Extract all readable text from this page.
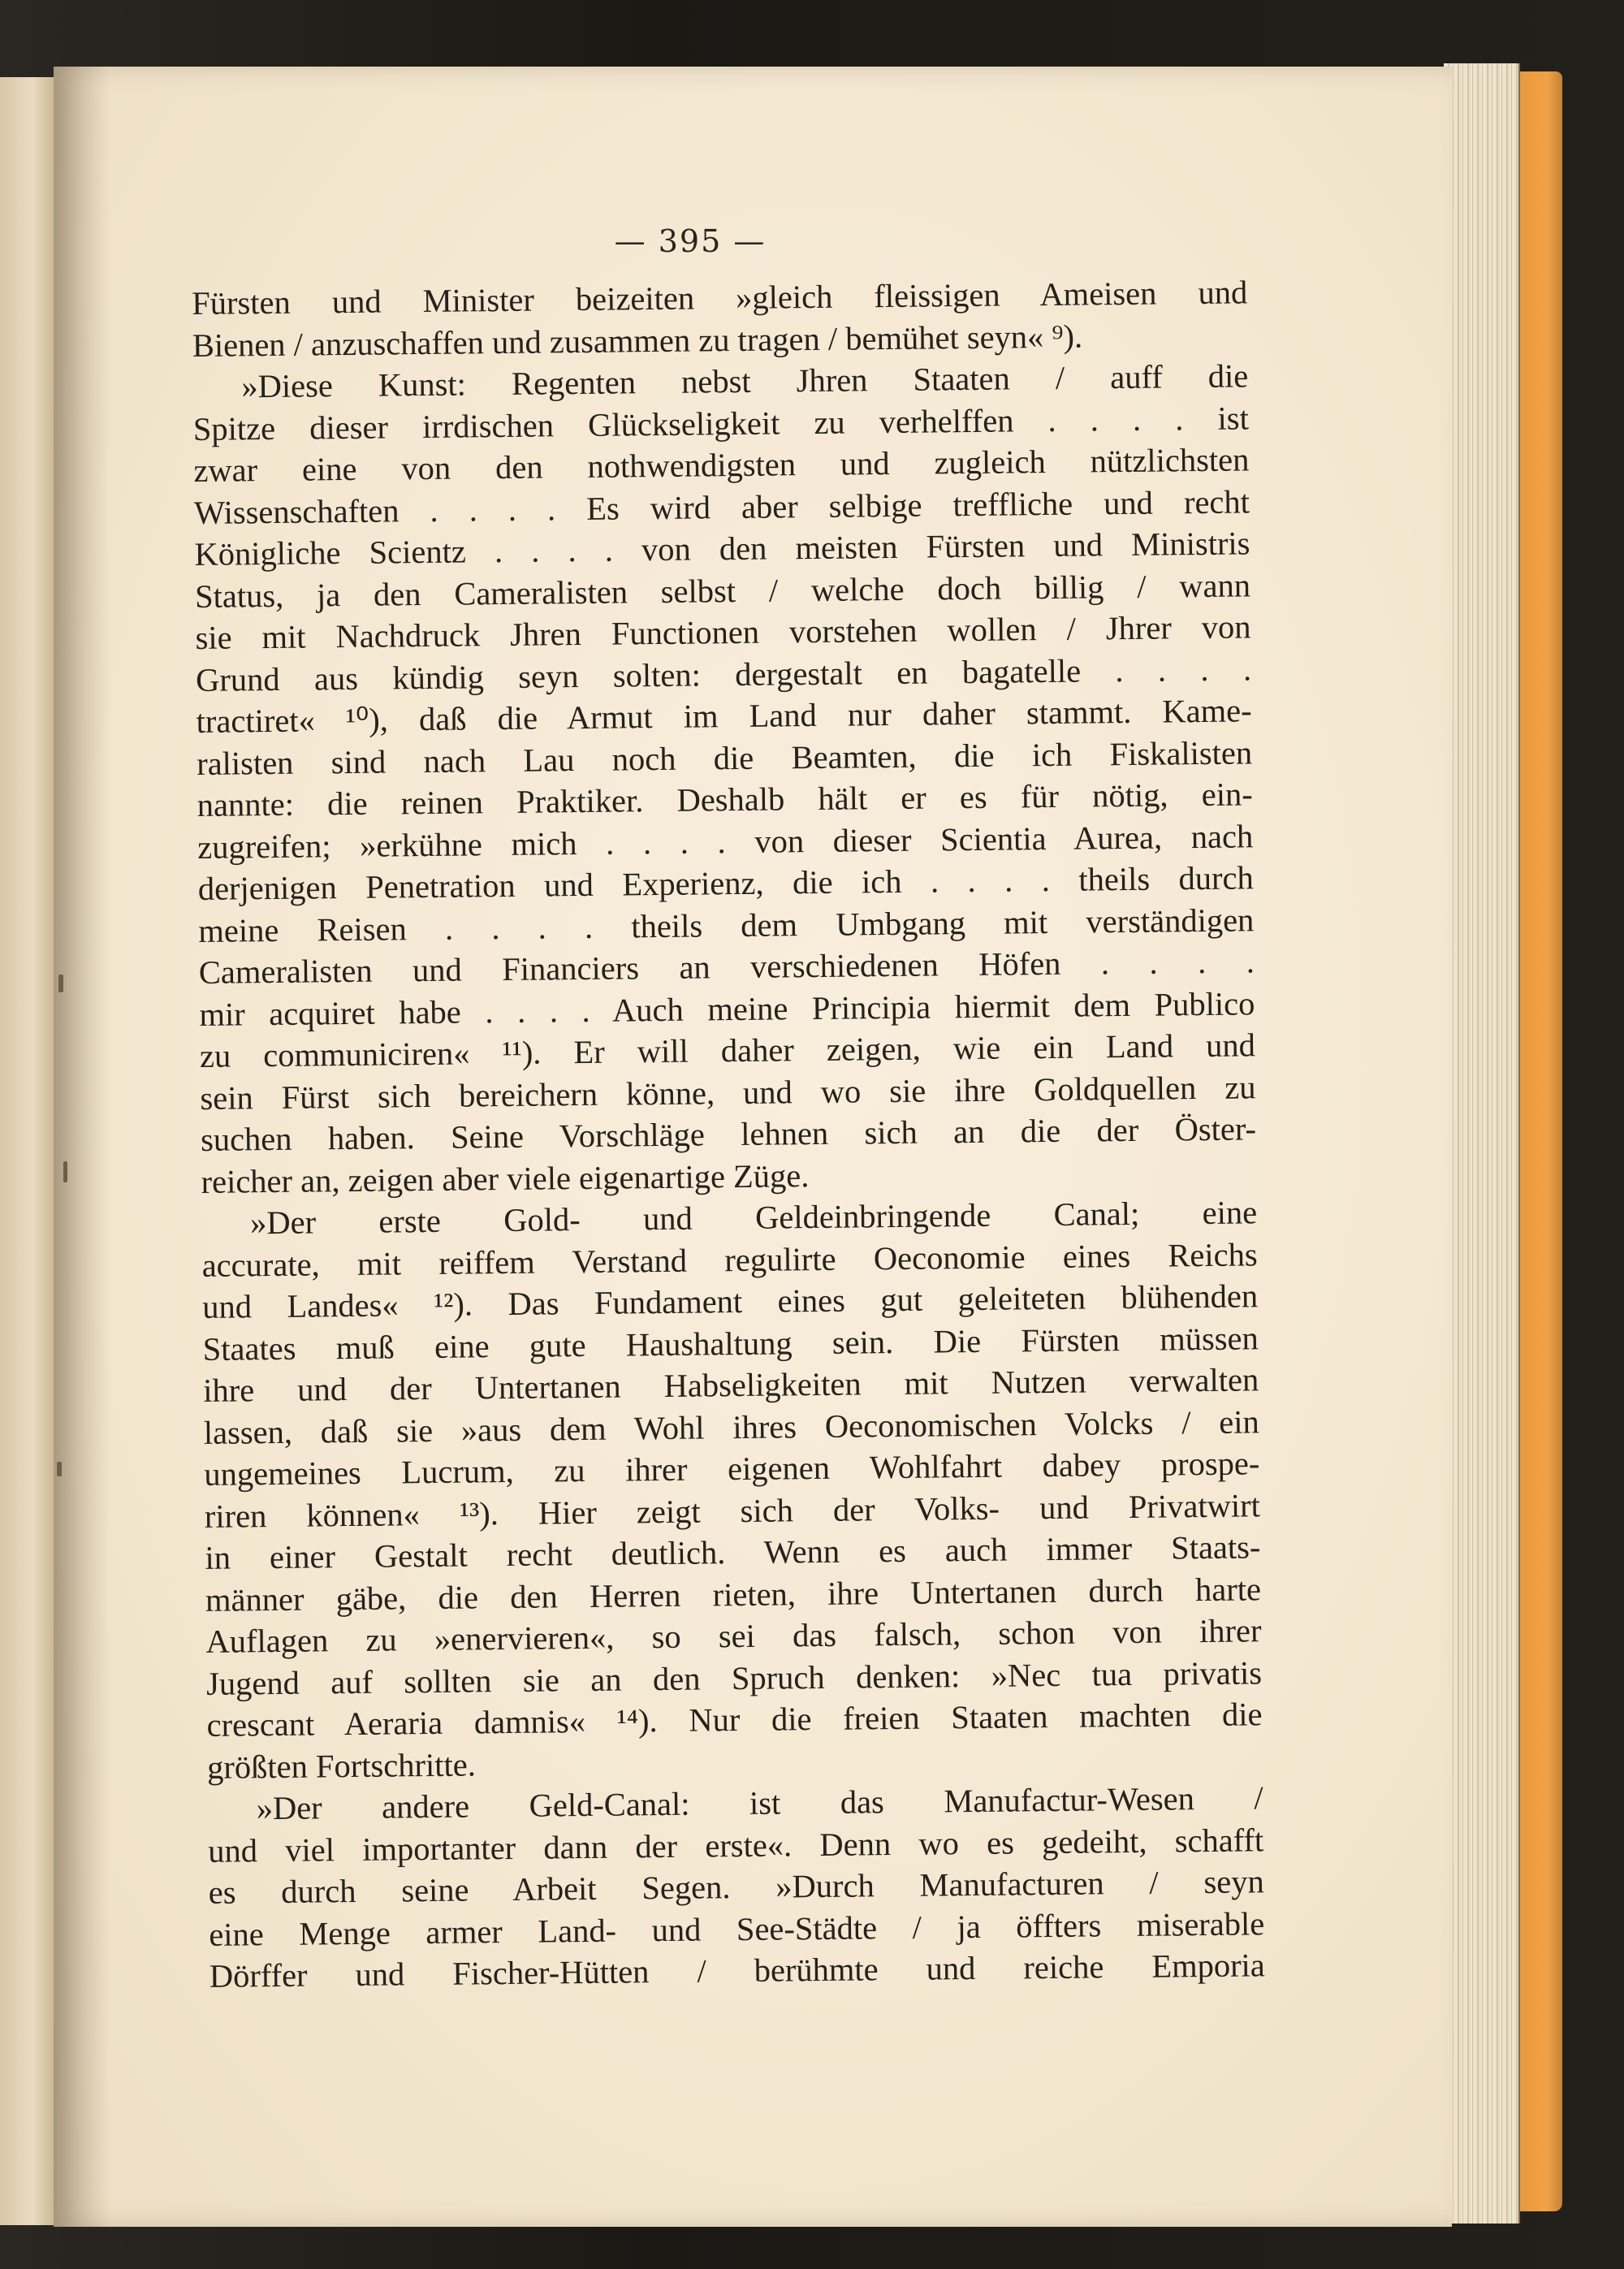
— 395 —
Fürsten und Minister beizeiten »gleich fleissigen Ameisen und
Bienen / anzuschaffen und zusammen zu tragen / bemühet seyn« ⁹).
»Diese Kunst: Regenten nebst Jhren Staaten / auff die
Spitze dieser irrdischen Glückseligkeit zu verhelffen . . . . ist
zwar eine von den nothwendigsten und zugleich nützlichsten
Wissenschaften . . . . Es wird aber selbige treffliche und recht
Königliche Scientz . . . . von den meisten Fürsten und Ministris
Status, ja den Cameralisten selbst / welche doch billig / wann
sie mit Nachdruck Jhren Functionen vorstehen wollen / Jhrer von
Grund aus kündig seyn solten: dergestalt en bagatelle . . . .
tractiret« ¹⁰), daß die Armut im Land nur daher stammt. Kame-
ralisten sind nach Lau noch die Beamten, die ich Fiskalisten
nannte: die reinen Praktiker. Deshalb hält er es für nötig, ein-
zugreifen; »erkühne mich . . . . von dieser Scientia Aurea, nach
derjenigen Penetration und Experienz, die ich . . . . theils durch
meine Reisen . . . . theils dem Umbgang mit verständigen
Cameralisten und Financiers an verschiedenen Höfen . . . .
mir acquiret habe . . . . Auch meine Principia hiermit dem Publico
zu communiciren« ¹¹). Er will daher zeigen, wie ein Land und
sein Fürst sich bereichern könne, und wo sie ihre Goldquellen zu
suchen haben. Seine Vorschläge lehnen sich an die der Öster-
reicher an, zeigen aber viele eigenartige Züge.
»Der erste Gold- und Geldeinbringende Canal; eine
accurate, mit reiffem Verstand regulirte Oeconomie eines Reichs
und Landes« ¹²). Das Fundament eines gut geleiteten blühenden
Staates muß eine gute Haushaltung sein. Die Fürsten müssen
ihre und der Untertanen Habseligkeiten mit Nutzen verwalten
lassen, daß sie »aus dem Wohl ihres Oeconomischen Volcks / ein
ungemeines Lucrum, zu ihrer eigenen Wohlfahrt dabey prospe-
riren können« ¹³). Hier zeigt sich der Volks- und Privatwirt
in einer Gestalt recht deutlich. Wenn es auch immer Staats-
männer gäbe, die den Herren rieten, ihre Untertanen durch harte
Auflagen zu »enervieren«, so sei das falsch, schon von ihrer
Jugend auf sollten sie an den Spruch denken: »Nec tua privatis
crescant Aeraria damnis« ¹⁴). Nur die freien Staaten machten die
größten Fortschritte.
»Der andere Geld-Canal: ist das Manufactur-Wesen /
und viel importanter dann der erste«. Denn wo es gedeiht, schafft
es durch seine Arbeit Segen. »Durch Manufacturen / seyn
eine Menge armer Land- und See-Städte / ja öffters miserable
Dörffer und Fischer-Hütten / berühmte und reiche Emporia
